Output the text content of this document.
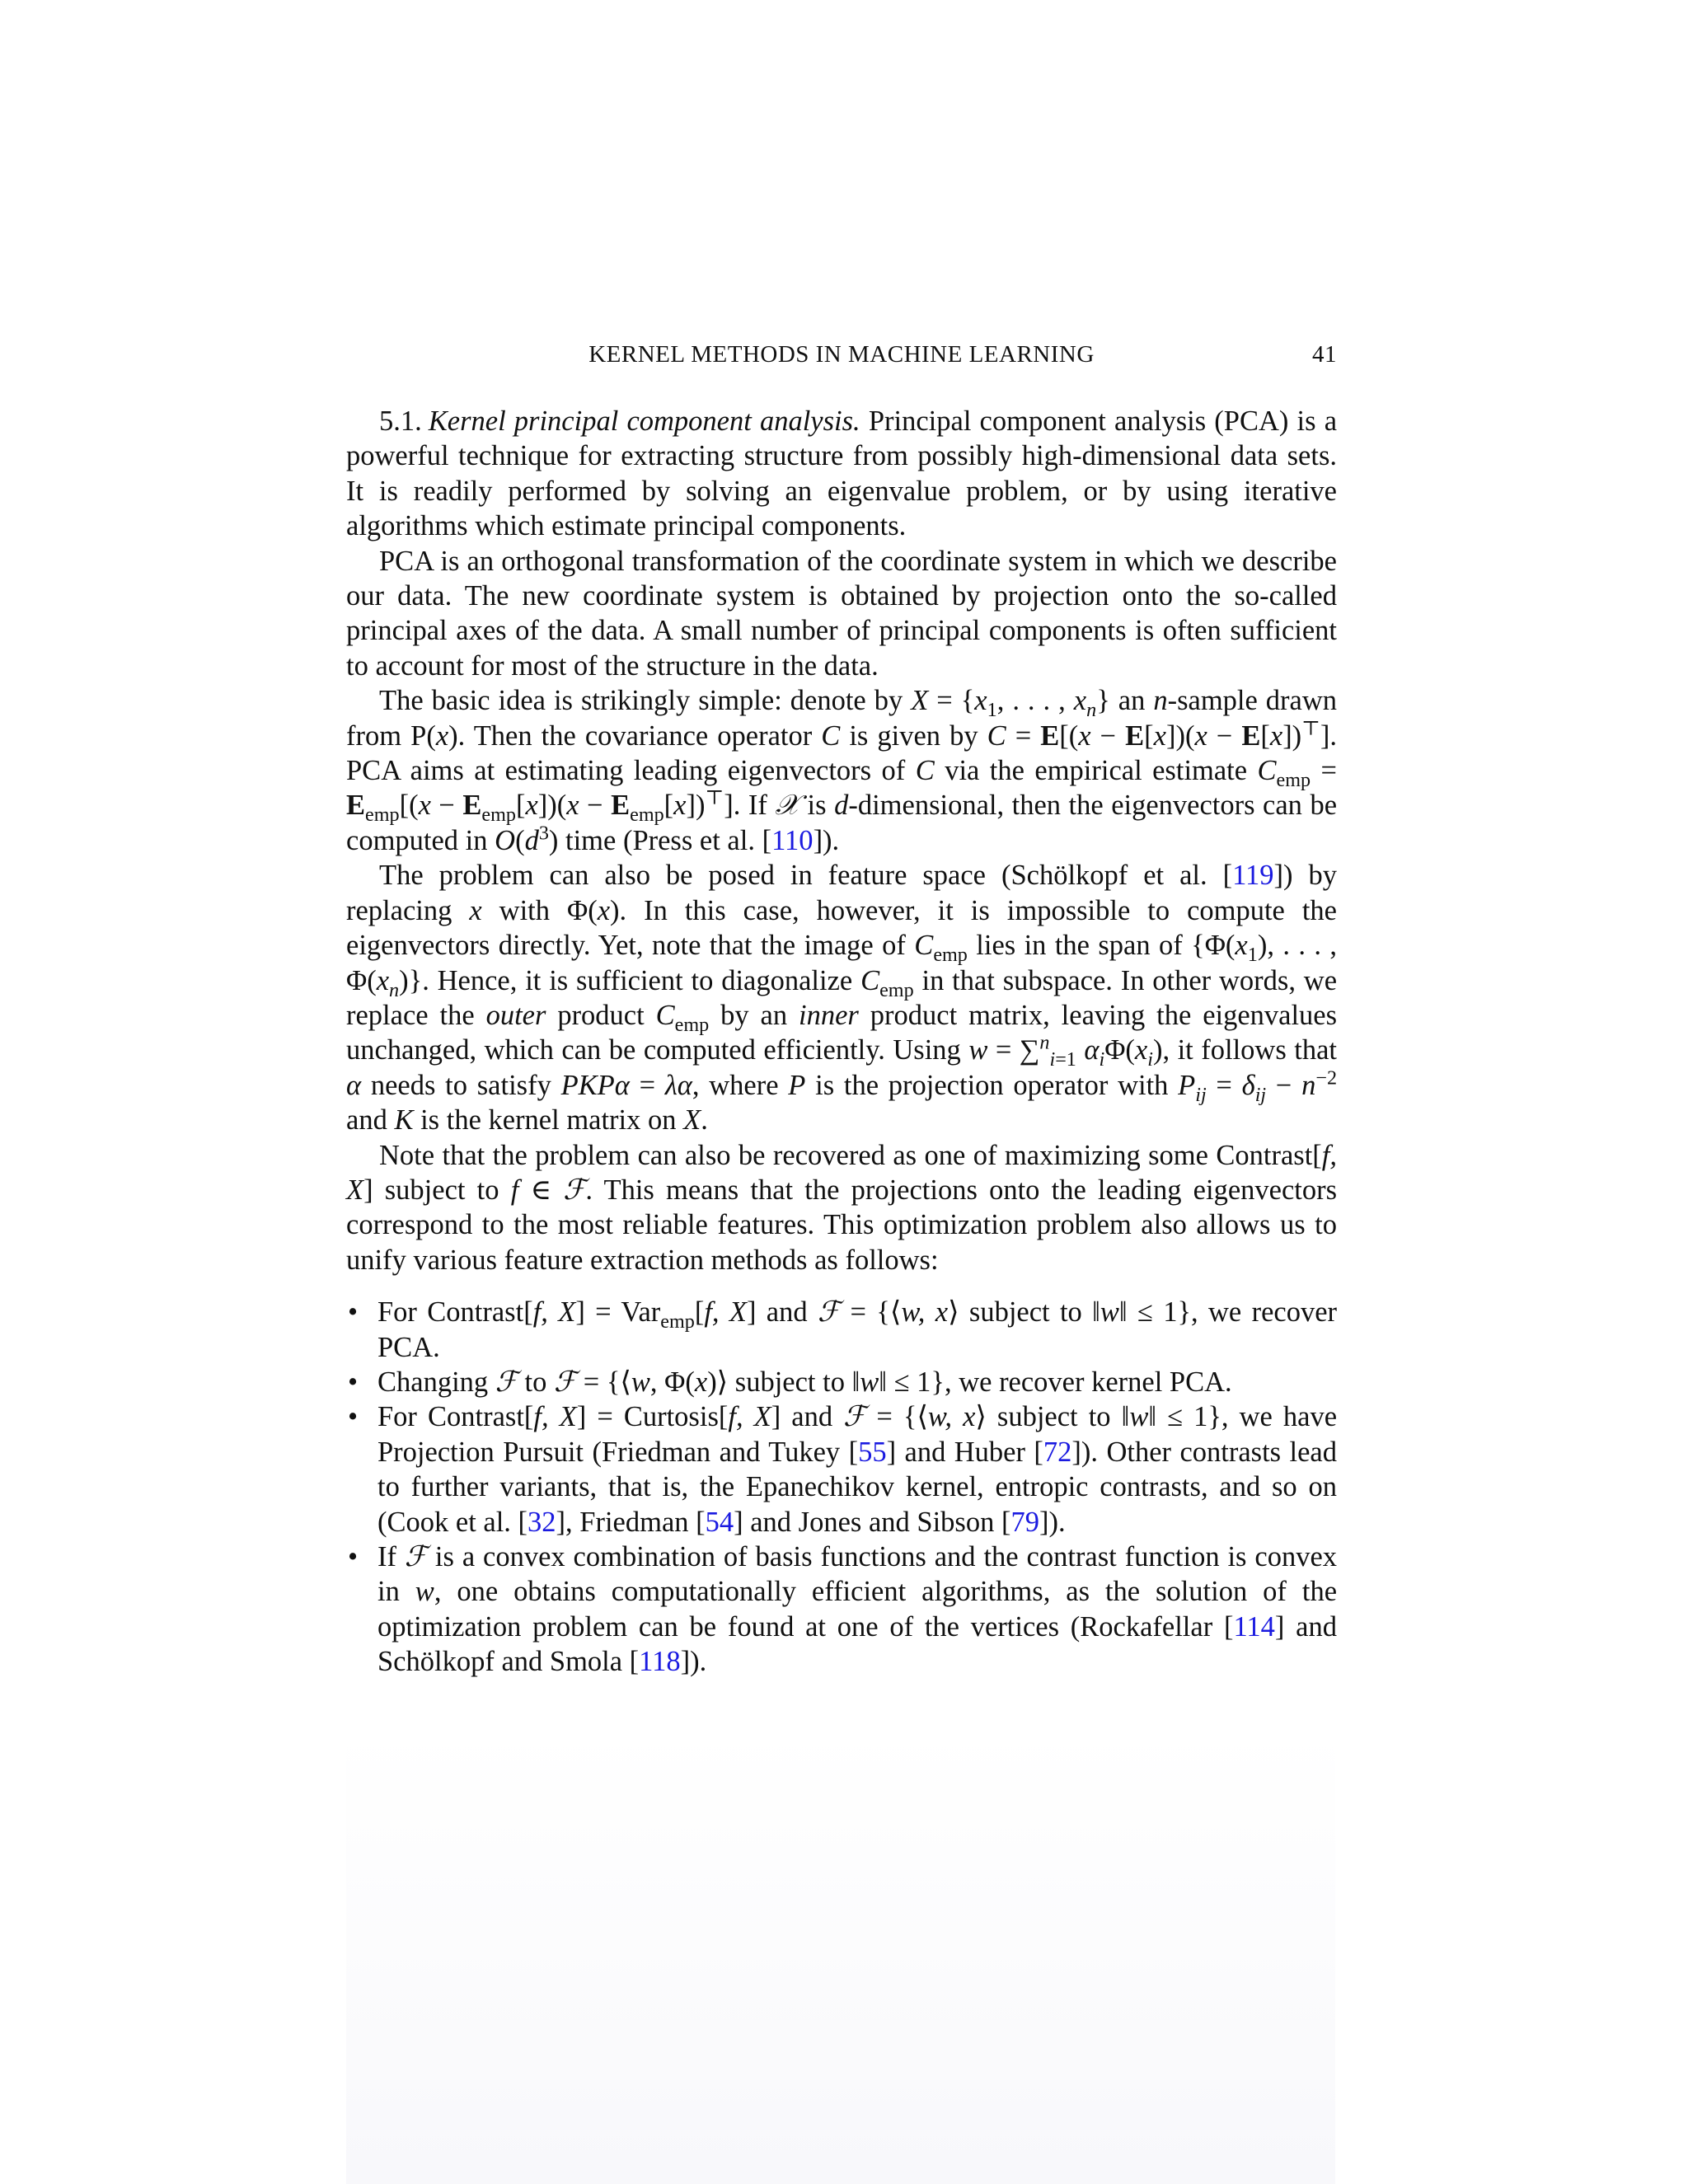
KERNEL METHODS IN MACHINE LEARNING	41

5.1. Kernel principal component analysis. Principal component analysis (PCA) is a powerful technique for extracting structure from possibly high-dimensional data sets. It is readily performed by solving an eigenvalue problem, or by using iterative algorithms which estimate principal components.

PCA is an orthogonal transformation of the coordinate system in which we describe our data. The new coordinate system is obtained by projection onto the so-called principal axes of the data. A small number of principal components is often sufficient to account for most of the structure in the data.

The basic idea is strikingly simple: denote by $X = \{x_1$, . . . , $x_n$} an n-sample drawn from P(x). Then the covariance operator C is given by C = E[(x − E[x])(x − E[x])⊤]. PCA aims at estimating leading eigenvectors of C via the empirical estimate $C_{emp} = E_{emp}[(x - E_{emp}[x])(x - E_{emp}[x])^⊤]$. If 𝒳 is d-dimensional, then the eigenvectors can be computed in $O(d^3)$ time (Press et al. [110]).

The problem can also be posed in feature space (Schölkopf et al. [119]) by replacing x with Φ(x). In this case, however, it is impossible to compute the eigenvectors directly. Yet, note that the image of $C_{emp}$ lies in the span of {$\Phi(x_1)$, . . . , $\Phi(x_n)$}. Hence, it is sufficient to diagonalize $C_{emp}$ in that subspace. In other words, we replace the outer product $C_{emp}$ by an inner product matrix, leaving the eigenvalues unchanged, which can be computed efficiently. Using w = ∑$^n_{i=1}$ $\alpha_i\Phi(x_i)$, it follows that α needs to satisfy PKPα = λα, where P is the projection operator with $P_{ij} = \delta_{ij} - n^{-2}$ and K is the kernel matrix on X.

Note that the problem can also be recovered as one of maximizing some Contrast[f, X] subject to f ∈ ℱ. This means that the projections onto the leading eigenvectors correspond to the most reliable features. This optimization problem also allows us to unify various feature extraction methods as follows:

• For Contrast[f, X] = Var$_{emp}$[f, X] and ℱ = {⟨w, x⟩ subject to ‖w‖ ≤ 1}, we recover PCA.
• Changing ℱ to ℱ = {⟨w, Φ(x)⟩ subject to ‖w‖ ≤ 1}, we recover kernel PCA.
• For Contrast[f, X] = Curtosis[f, X] and ℱ = {⟨w, x⟩ subject to ‖w‖ ≤ 1}, we have Projection Pursuit (Friedman and Tukey [55] and Huber [72]). Other contrasts lead to further variants, that is, the Epanechikov kernel, entropic contrasts, and so on (Cook et al. [32], Friedman [54] and Jones and Sibson [79]).
• If ℱ is a convex combination of basis functions and the contrast function is convex in w, one obtains computationally efficient algorithms, as the solution of the optimization problem can be found at one of the vertices (Rockafellar [114] and Schölkopf and Smola [118]).
